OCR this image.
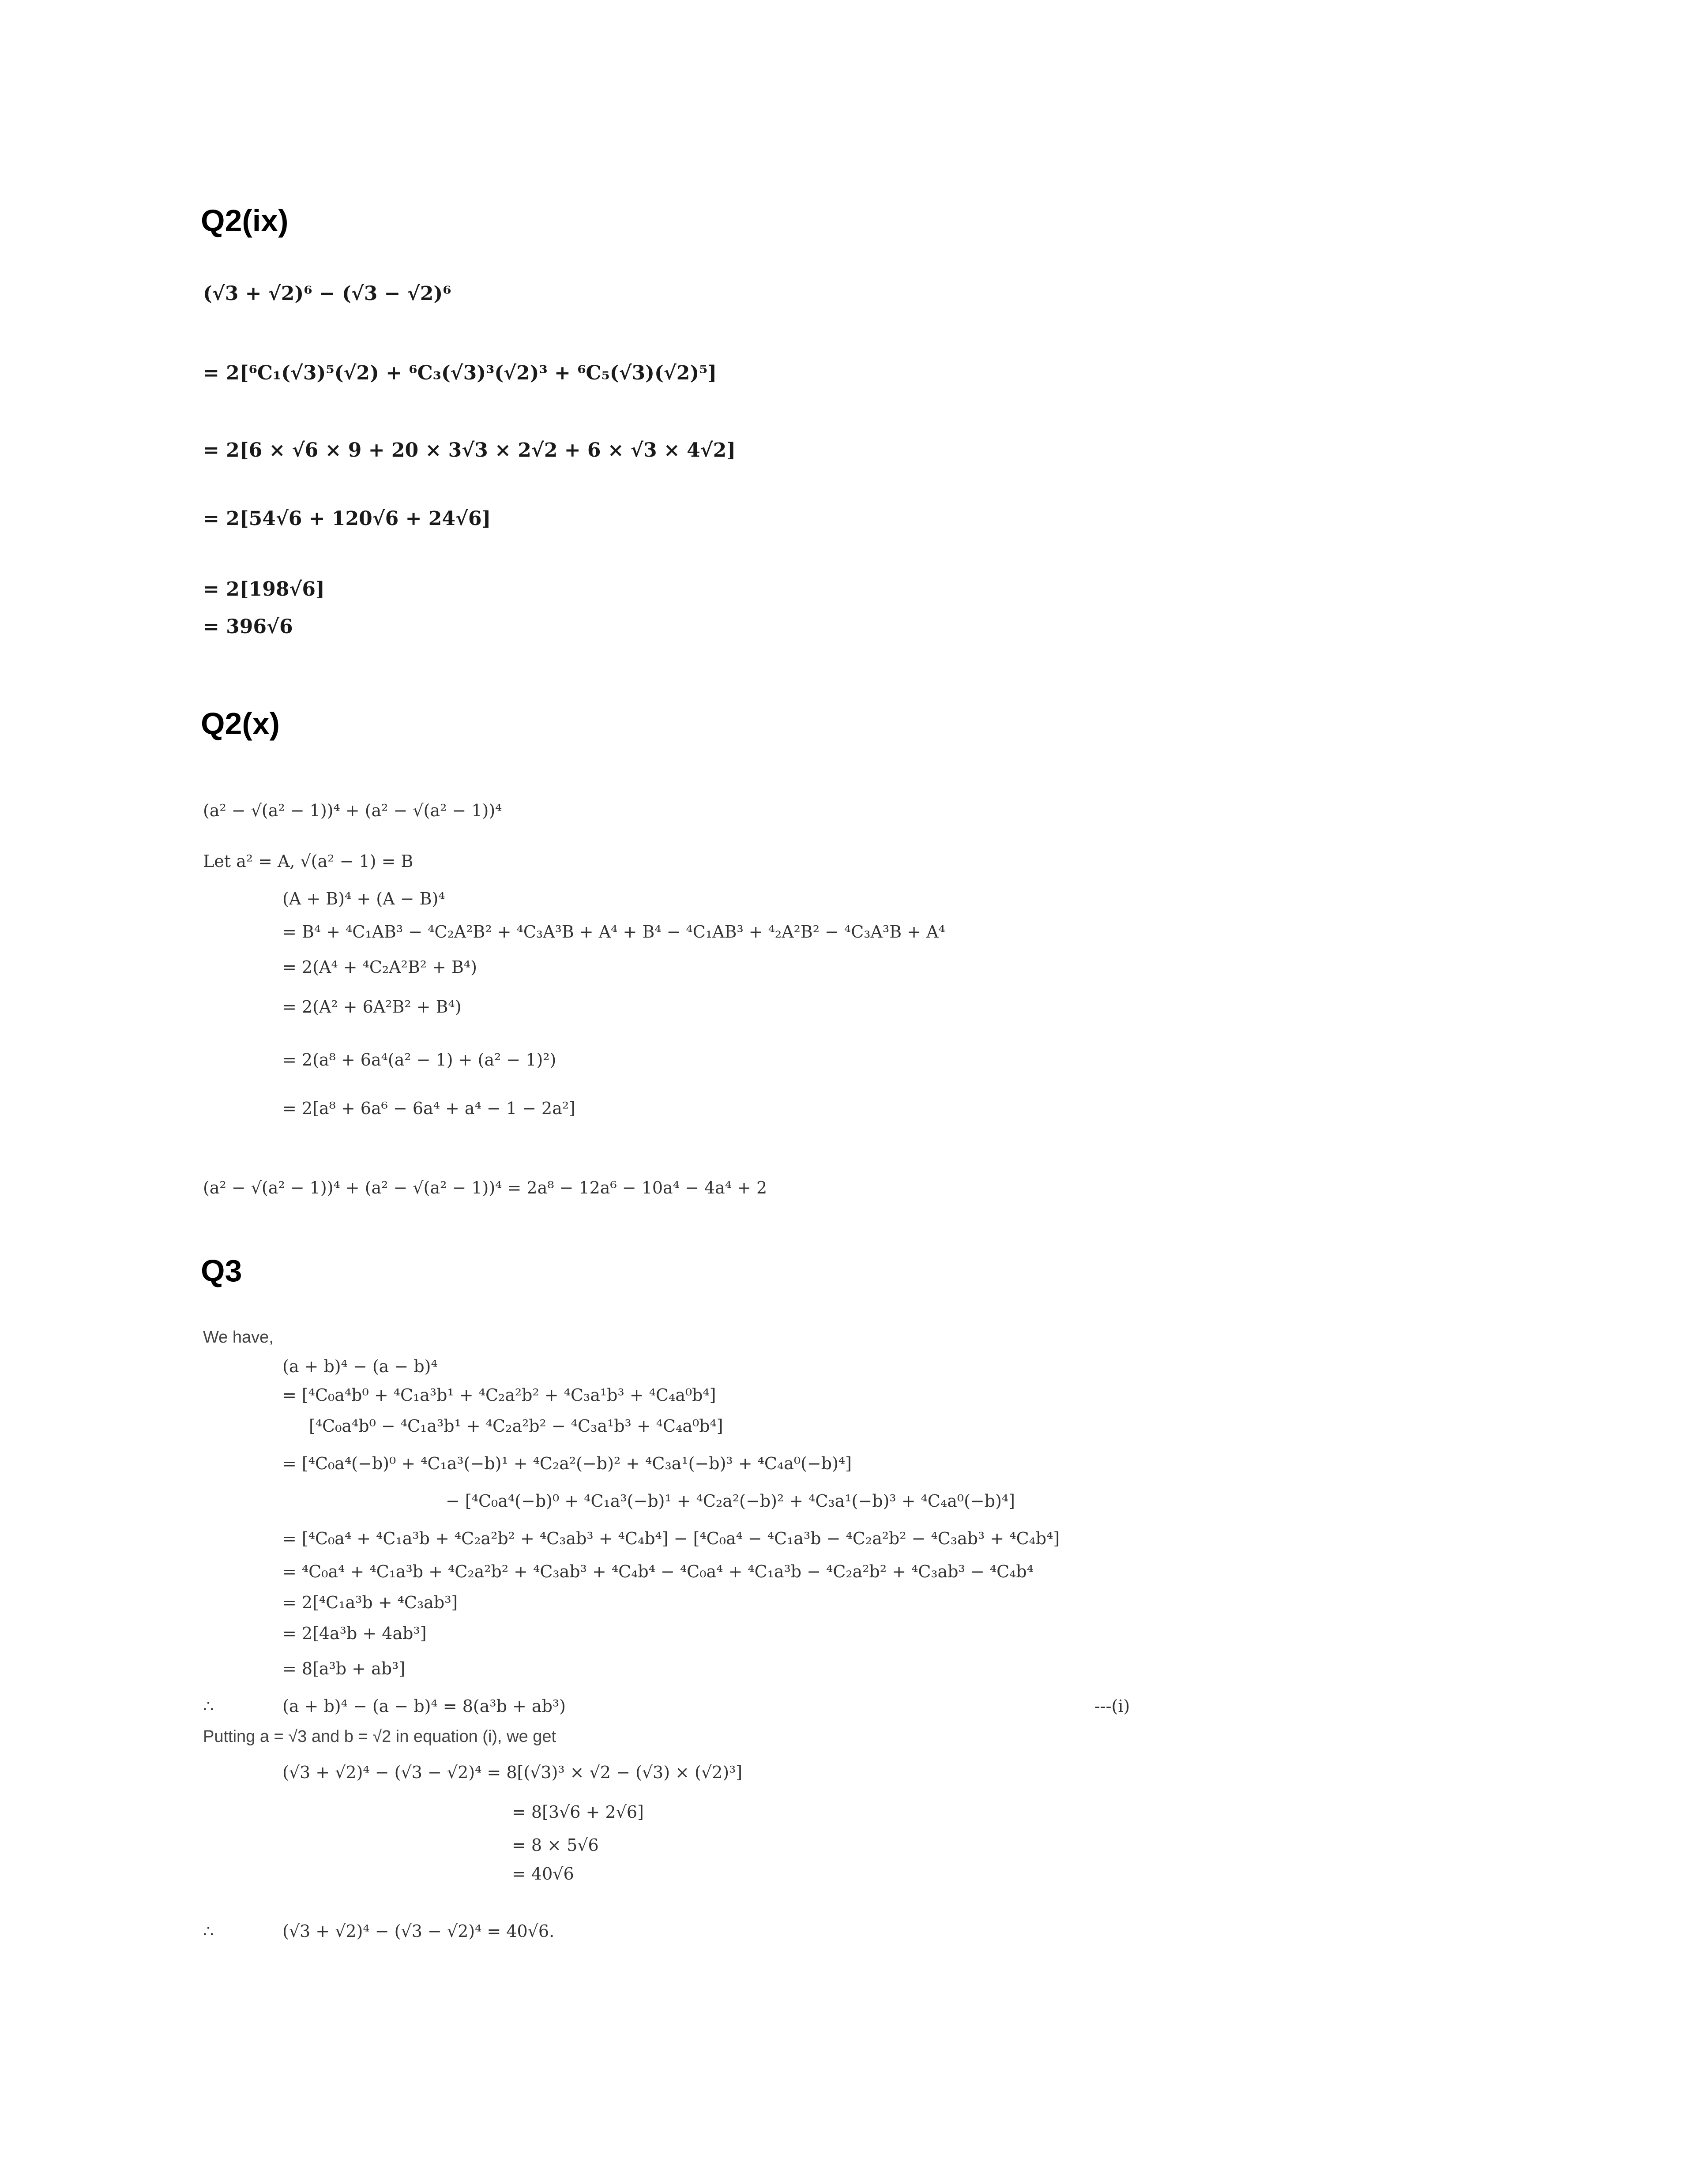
Q2(ix)
(√3 + √2)⁶ − (√3 − √2)⁶
= 2[⁶C₁(√3)⁵(√2) + ⁶C₃(√3)³(√2)³ + ⁶C₅(√3)(√2)⁵]
= 2[6 × √6 × 9 + 20 × 3√3 × 2√2 + 6 × √3 × 4√2]
= 2[54√6 + 120√6 + 24√6]
= 2[198√6]
= 396√6
Q2(x)
(a² − √(a² − 1))⁴ + (a² − √(a² − 1))⁴
Let a² = A, √(a² − 1) = B
(A + B)⁴ + (A − B)⁴
= B⁴ + ⁴C₁AB³ − ⁴C₂A²B² + ⁴C₃A³B + A⁴ + B⁴ − ⁴C₁AB³ + ⁴₂A²B² − ⁴C₃A³B + A⁴
= 2(A⁴ + ⁴C₂A²B² + B⁴)
= 2(A² + 6A²B² + B⁴)
= 2(a⁸ + 6a⁴(a² − 1) + (a² − 1)²)
= 2[a⁸ + 6a⁶ − 6a⁴ + a⁴ − 1 − 2a²]
(a² − √(a² − 1))⁴ + (a² − √(a² − 1))⁴ = 2a⁸ − 12a⁶ − 10a⁴ − 4a⁴ + 2
Q3
We have,
(a + b)⁴ − (a − b)⁴
= [⁴C₀a⁴b⁰ + ⁴C₁a³b¹ + ⁴C₂a²b² + ⁴C₃a¹b³ + ⁴C₄a⁰b⁴]
[⁴C₀a⁴b⁰ − ⁴C₁a³b¹ + ⁴C₂a²b² − ⁴C₃a¹b³ + ⁴C₄a⁰b⁴]
= [⁴C₀a⁴(−b)⁰ + ⁴C₁a³(−b)¹ + ⁴C₂a²(−b)² + ⁴C₃a¹(−b)³ + ⁴C₄a⁰(−b)⁴]
− [⁴C₀a⁴(−b)⁰ + ⁴C₁a³(−b)¹ + ⁴C₂a²(−b)² + ⁴C₃a¹(−b)³ + ⁴C₄a⁰(−b)⁴]
= [⁴C₀a⁴ + ⁴C₁a³b + ⁴C₂a²b² + ⁴C₃ab³ + ⁴C₄b⁴] − [⁴C₀a⁴ − ⁴C₁a³b − ⁴C₂a²b² − ⁴C₃ab³ + ⁴C₄b⁴]
= ⁴C₀a⁴ + ⁴C₁a³b + ⁴C₂a²b² + ⁴C₃ab³ + ⁴C₄b⁴ − ⁴C₀a⁴ + ⁴C₁a³b − ⁴C₂a²b² + ⁴C₃ab³ − ⁴C₄b⁴
= 2[⁴C₁a³b + ⁴C₃ab³]
= 2[4a³b + 4ab³]
= 8[a³b + ab³]
∴	(a + b)⁴ − (a − b)⁴ = 8(a³b + ab³)	---(i)
Putting a = √3 and b = √2 in equation (i), we get
(√3 + √2)⁴ − (√3 − √2)⁴ = 8[(√3)³ × √2 − (√3) × (√2)³]
= 8[3√6 + 2√6]
= 8 × 5√6
= 40√6
∴	(√3 + √2)⁴ − (√3 − √2)⁴ = 40√6.
